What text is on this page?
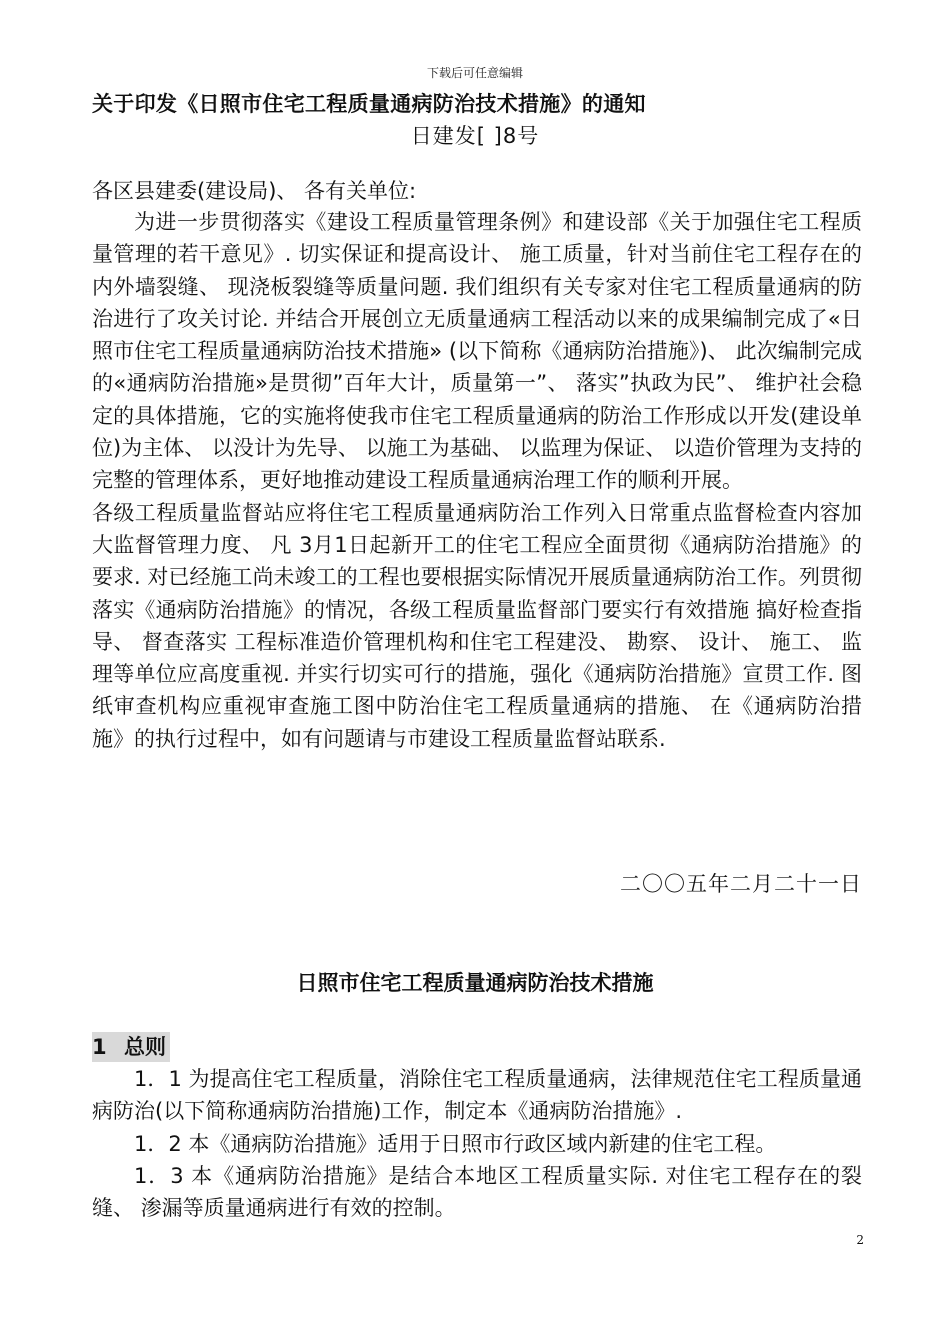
下载后可任意编辑
关于印发《日照市住宅工程质量通病防治技术措施》的通知
日建发[ ]8号
各区县建委(建设局)、 各有关单位:

为进一步贯彻落实《建设工程质量管理条例》和建设部《关于加强住宅工程质量管理的若干意见》. 切实保证和提高设计、 施工质量，针对当前住宅工程存在的内外墙裂缝、 现浇板裂缝等质量问题. 我们组织有关专家对住宅工程质量通病的防治进行了攻关讨论. 并结合开展创立无质量通病工程活动以来的成果编制完成了«日照市住宅工程质量通病防治技术措施» (以下简称《通病防治措施》)、 此次编制完成的«通病防治措施»是贯彻”百年大计，质量第一”、 落实”执政为民”、 维护社会稳定的具体措施，它的实施将使我市住宅工程质量通病的防治工作形成以开发(建设单位)为主体、 以没计为先导、 以施工为基础、 以监理为保证、 以造价管理为支持的完整的管理体系，更好地推动建设工程质量通病治理工作的顺利开展。

各级工程质量监督站应将住宅工程质量通病防治工作列入日常重点监督检查内容加大监督管理力度、 凡 3月1日起新开工的住宅工程应全面贯彻《通病防治措施》的要求. 对已经施工尚未竣工的工程也要根据实际情况开展质量通病防治工作。列贯彻落实《通病防治措施》的情况，各级工程质量监督部门要实行有效措施 搞好检查指导、 督查落实 工程标准造价管理机构和住宅工程建没、 勘察、 设计、 施工、 监理等单位应高度重视. 并实行切实可行的措施，强化《通病防治措施》宣贯工作. 图纸审查机构应重视审查施工图中防治住宅工程质量通病的措施、 在《通病防治措施》的执行过程中，如有问题请与市建设工程质量监督站联系.

二〇〇五年二月二十一日
日照市住宅工程质量通病防治技术措施
1 总则

1．1 为提高住宅工程质量，消除住宅工程质量通病，法律规范住宅工程质量通病防治(以下简称通病防治措施)工作，制定本《通病防治措施》.

1．2 本《通病防治措施》适用于日照市行政区域内新建的住宅工程。

1．3 本《通病防治措施》是结合本地区工程质量实际. 对住宅工程存在的裂缝、 渗漏等质量通病进行有效的控制。

2
